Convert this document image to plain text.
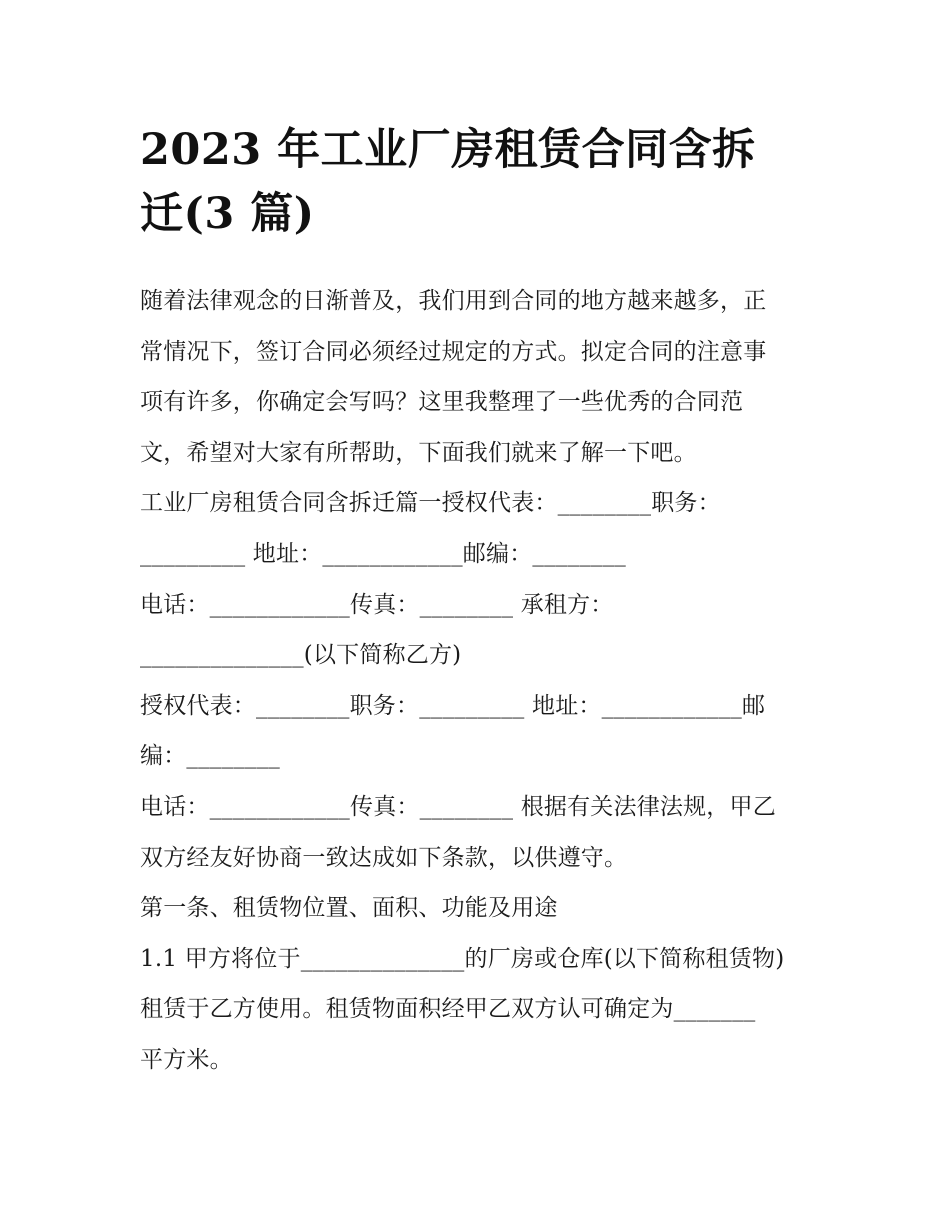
2023 年工业厂房租赁合同含拆
迁(3 篇)
随着法律观念的日渐普及，我们用到合同的地方越来越多，正
常情况下，签订合同必须经过规定的方式。拟定合同的注意事
项有许多，你确定会写吗？这里我整理了一些优秀的合同范
文，希望对大家有所帮助，下面我们就来了解一下吧。
工业厂房租赁合同含拆迁篇一授权代表：________职务：
_________ 地址：____________邮编：________
电话：____________传真：________ 承租方：
______________(以下简称乙方)
授权代表：________职务：_________ 地址：____________邮
编：________
电话：____________传真：________ 根据有关法律法规，甲乙
双方经友好协商一致达成如下条款，以供遵守。
第一条、租赁物位置、面积、功能及用途
1.1 甲方将位于______________的厂房或仓库(以下简称租赁物)
租赁于乙方使用。租赁物面积经甲乙双方认可确定为_______
平方米。
